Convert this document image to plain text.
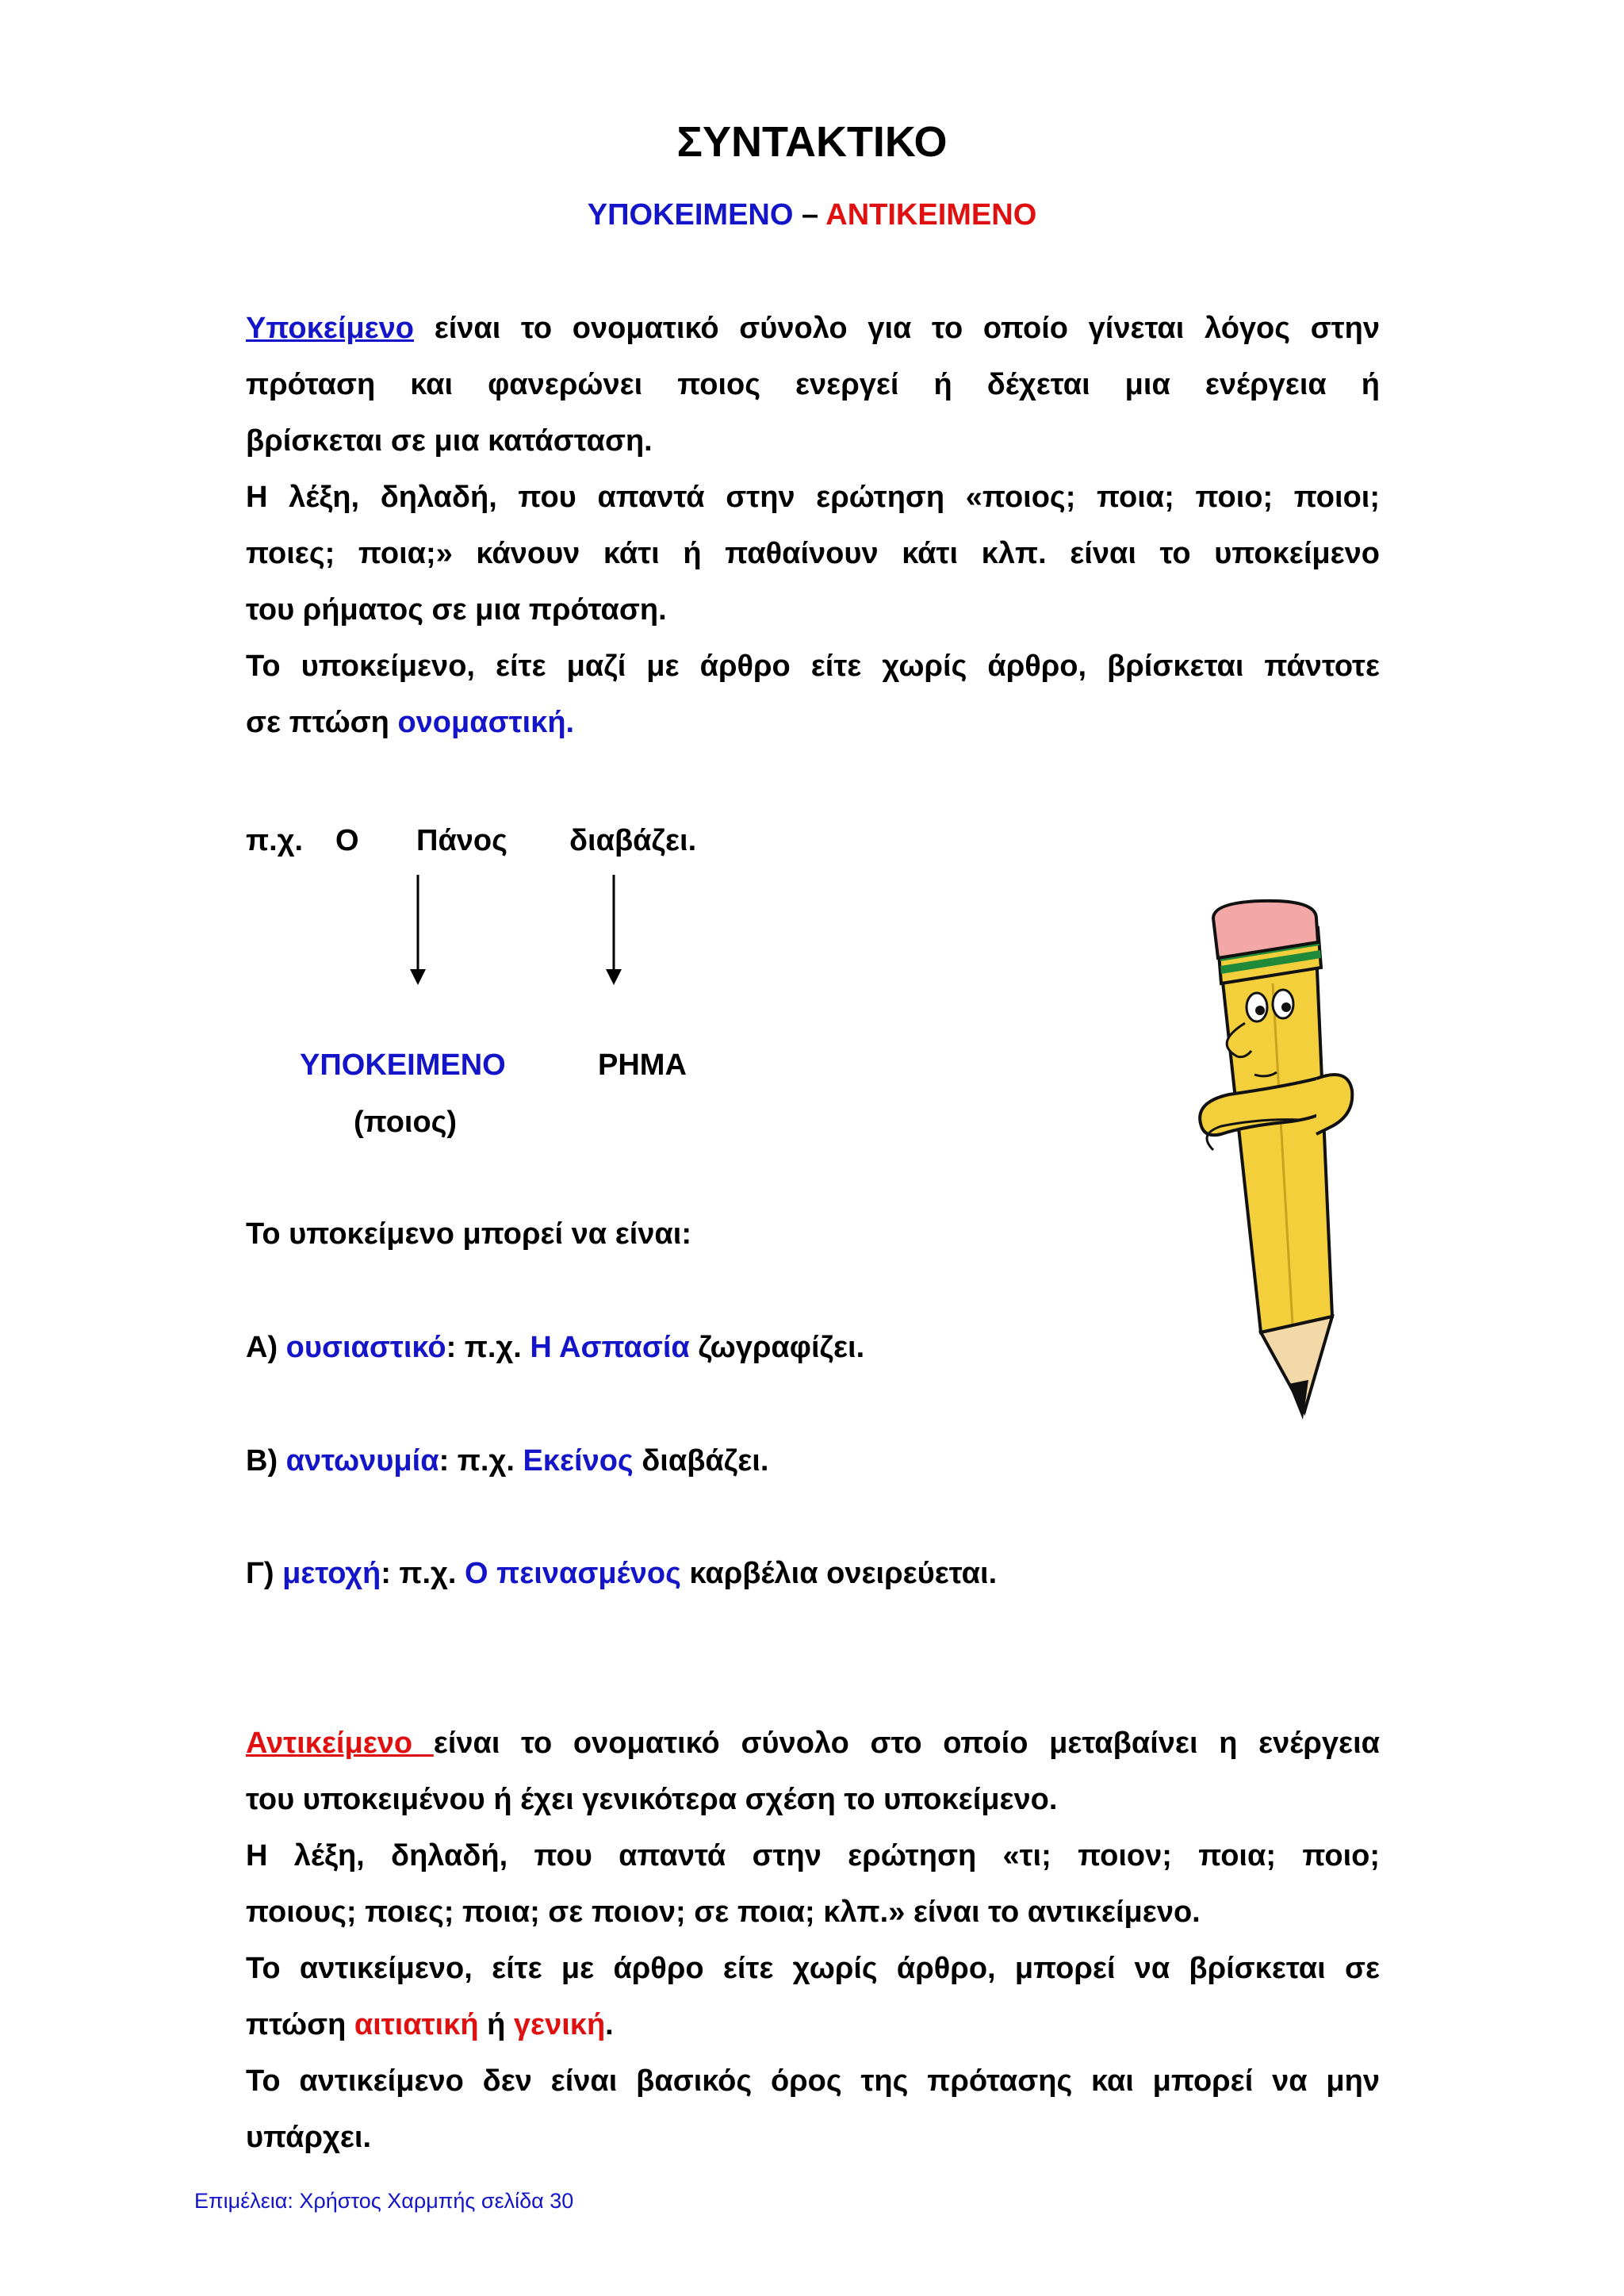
ΣΥΝΤΑΚΤΙΚΟ
ΥΠΟΚΕΙΜΕΝΟ – ΑΝΤΙΚΕΙΜΕΝΟ
Υποκείμενο είναι το ονοματικό σύνολο για το οποίο γίνεται λόγος στην
πρόταση και φανερώνει ποιος ενεργεί ή δέχεται μια ενέργεια ή
βρίσκεται σε μια κατάσταση.
Η λέξη, δηλαδή, που απαντά στην ερώτηση «ποιος; ποια; ποιο; ποιοι;
ποιες; ποια;» κάνουν κάτι ή παθαίνουν κάτι κλπ. είναι το υποκείμενο
του ρήματος σε μια πρόταση.
Το υποκείμενο, είτε μαζί με άρθρο είτε χωρίς άρθρο, βρίσκεται πάντοτε
σε πτώση ονομαστική.
π.χ. Ο Πάνος διαβάζει.
ΥΠΟΚΕΙΜΕΝΟ
(ποιος)
ΡΗΜΑ
Το υποκείμενο μπορεί να είναι:
Α) ουσιαστικό: π.χ. Η Ασπασία ζωγραφίζει.
Β) αντωνυμία: π.χ. Εκείνος διαβάζει.
Γ) μετοχή: π.χ. Ο πεινασμένος καρβέλια ονειρεύεται.
Αντικείμενο είναι το ονοματικό σύνολο στο οποίο μεταβαίνει η ενέργεια
του υποκειμένου ή έχει γενικότερα σχέση το υποκείμενο.
Η λέξη, δηλαδή, που απαντά στην ερώτηση «τι; ποιον; ποια; ποιο;
ποιους; ποιες; ποια; σε ποιον; σε ποια; κλπ.» είναι το αντικείμενο.
Το αντικείμενο, είτε με άρθρο είτε χωρίς άρθρο, μπορεί να βρίσκεται σε
πτώση αιτιατική ή γενική.
Το αντικείμενο δεν είναι βασικός όρος της πρότασης και μπορεί να μην
υπάρχει.
Επιμέλεια: Χρήστος Χαρμπής σελίδα 30
